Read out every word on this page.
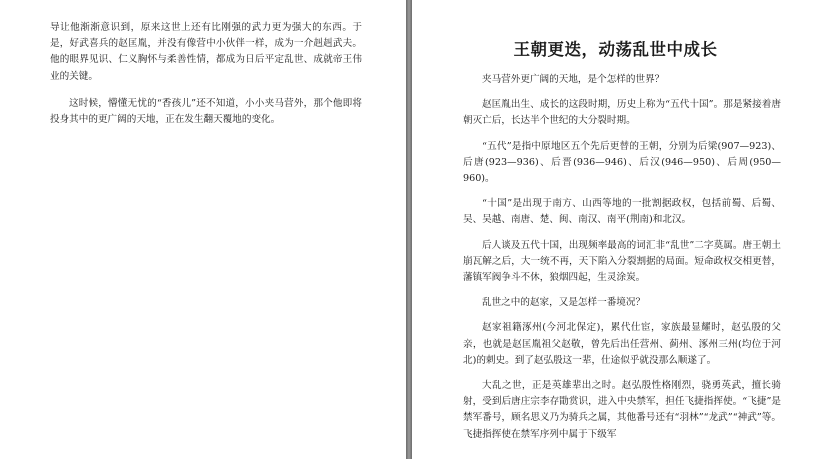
导让他渐渐意识到，原来这世上还有比刚强的武力更为强大的东西。于是，好武喜兵的赵匡胤，并没有像营中小伙伴一样，成为一介赳赳武夫。他的眼界见识、仁义胸怀与柔善性情，都成为日后平定乱世、成就帝王伟业的关键。

这时候，懵懂无忧的“香孩儿”还不知道，小小夹马营外，那个他即将投身其中的更广阔的天地，正在发生翻天覆地的变化。

王朝更迭，动荡乱世中成长

夹马营外更广阔的天地，是个怎样的世界？

赵匡胤出生、成长的这段时期，历史上称为“五代十国”。那是紧接着唐朝灭亡后，长达半个世纪的大分裂时期。

“五代”是指中原地区五个先后更替的王朝，分别为后梁(907—923)、后唐(923—936)、后晋(936—946)、后汉(946—950)、后周(950—960)。

“十国”是出现于南方、山西等地的一批割据政权，包括前蜀、后蜀、吴、吴越、南唐、楚、闽、南汉、南平(荆南)和北汉。

后人谈及五代十国，出现频率最高的词汇非“乱世”二字莫属。唐王朝土崩瓦解之后，大一统不再，天下陷入分裂割据的局面。短命政权交相更替，藩镇军阀争斗不休，狼烟四起，生灵涂炭。

乱世之中的赵家，又是怎样一番境况？

赵家祖籍涿州(今河北保定)，累代仕宦，家族最显耀时，赵弘殷的父亲，也就是赵匡胤祖父赵敬，曾先后出任营州、蓟州、涿州三州(均位于河北)的刺史。到了赵弘殷这一辈，仕途似乎就没那么顺遂了。

大乱之世，正是英雄辈出之时。赵弘殷性格刚烈，骁勇英武，擅长骑射，受到后唐庄宗李存勖赏识，进入中央禁军，担任飞捷指挥使。“飞捷”是禁军番号，顾名思义乃为骑兵之属，其他番号还有“羽林”“龙武”“神武”等。飞捷指挥使在禁军序列中属于下级军
